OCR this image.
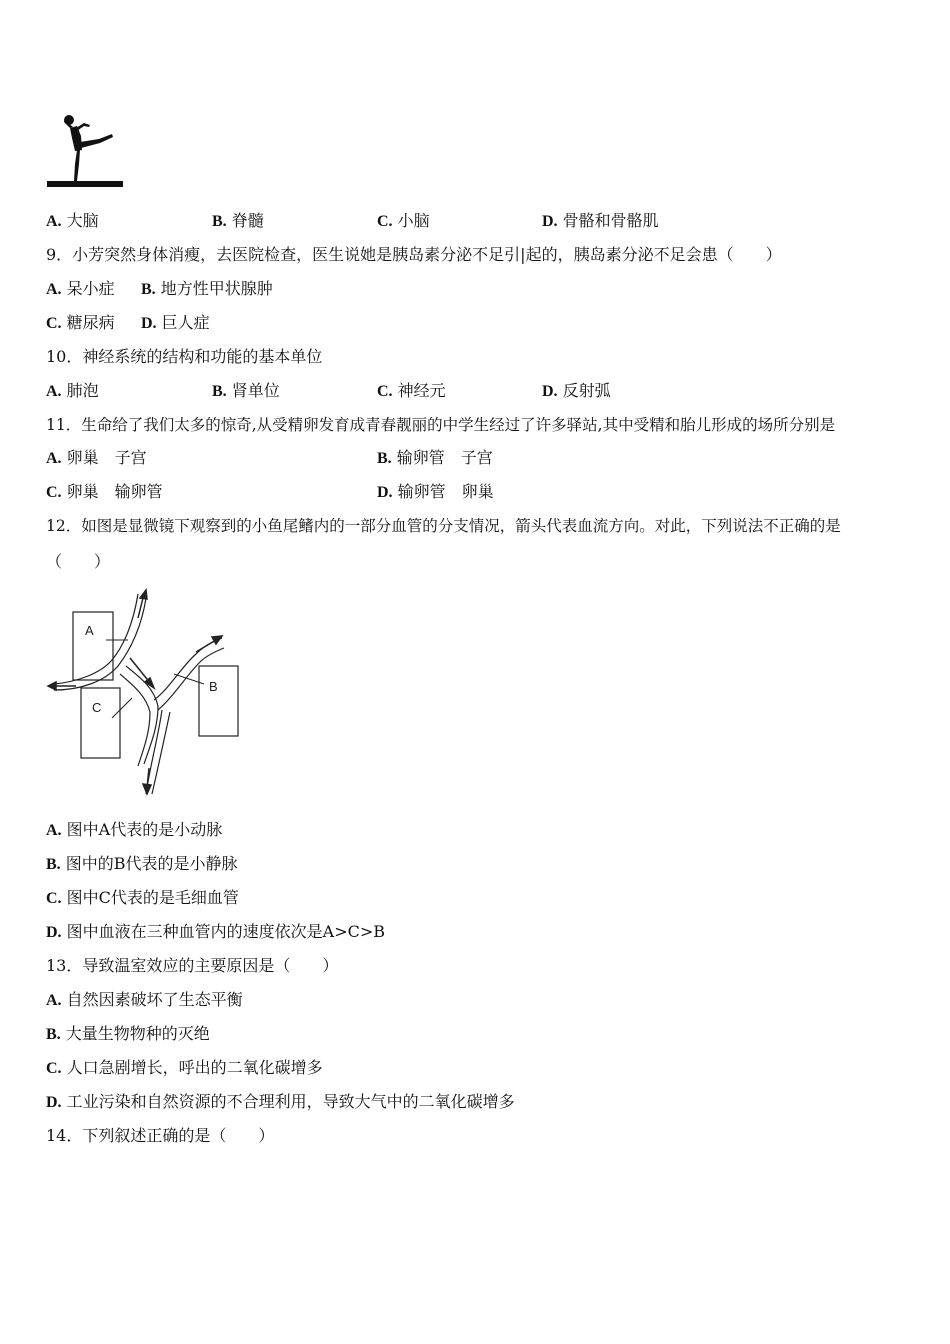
A. 大脑	B. 脊髓	C. 小脑	D. 骨骼和骨骼肌
9．小芳突然身体消瘦，去医院检查，医生说她是胰岛素分泌不足引|起的，胰岛素分泌不足会患（　　）
A. 呆小症 B. 地方性甲状腺肿
C. 糖尿病 D. 巨人症
10．神经系统的结构和功能的基本单位
A. 肺泡	B. 肾单位	C. 神经元	D. 反射弧
11．生命给了我们太多的惊奇,从受精卵发育成青春靓丽的中学生经过了许多驿站,其中受精和胎儿形成的场所分别是
A. 卵巢　子宫	B. 输卵管　子宫
C. 卵巢　输卵管	D. 输卵管　卵巢
12．如图是显微镜下观察到的小鱼尾鳍内的一部分血管的分支情况，箭头代表血流方向。对此，下列说法不正确的是
（　　）
A
B
C
A. 图中A代表的是小动脉
B. 图中的B代表的是小静脉
C. 图中C代表的是毛细血管
D. 图中血液在三种血管内的速度依次是A>C>B
13．导致温室效应的主要原因是（　　）
A. 自然因素破坏了生态平衡
B. 大量生物物种的灭绝
C. 人口急剧增长，呼出的二氧化碳增多
D. 工业污染和自然资源的不合理利用，导致大气中的二氧化碳增多
14．下列叙述正确的是（　　）
